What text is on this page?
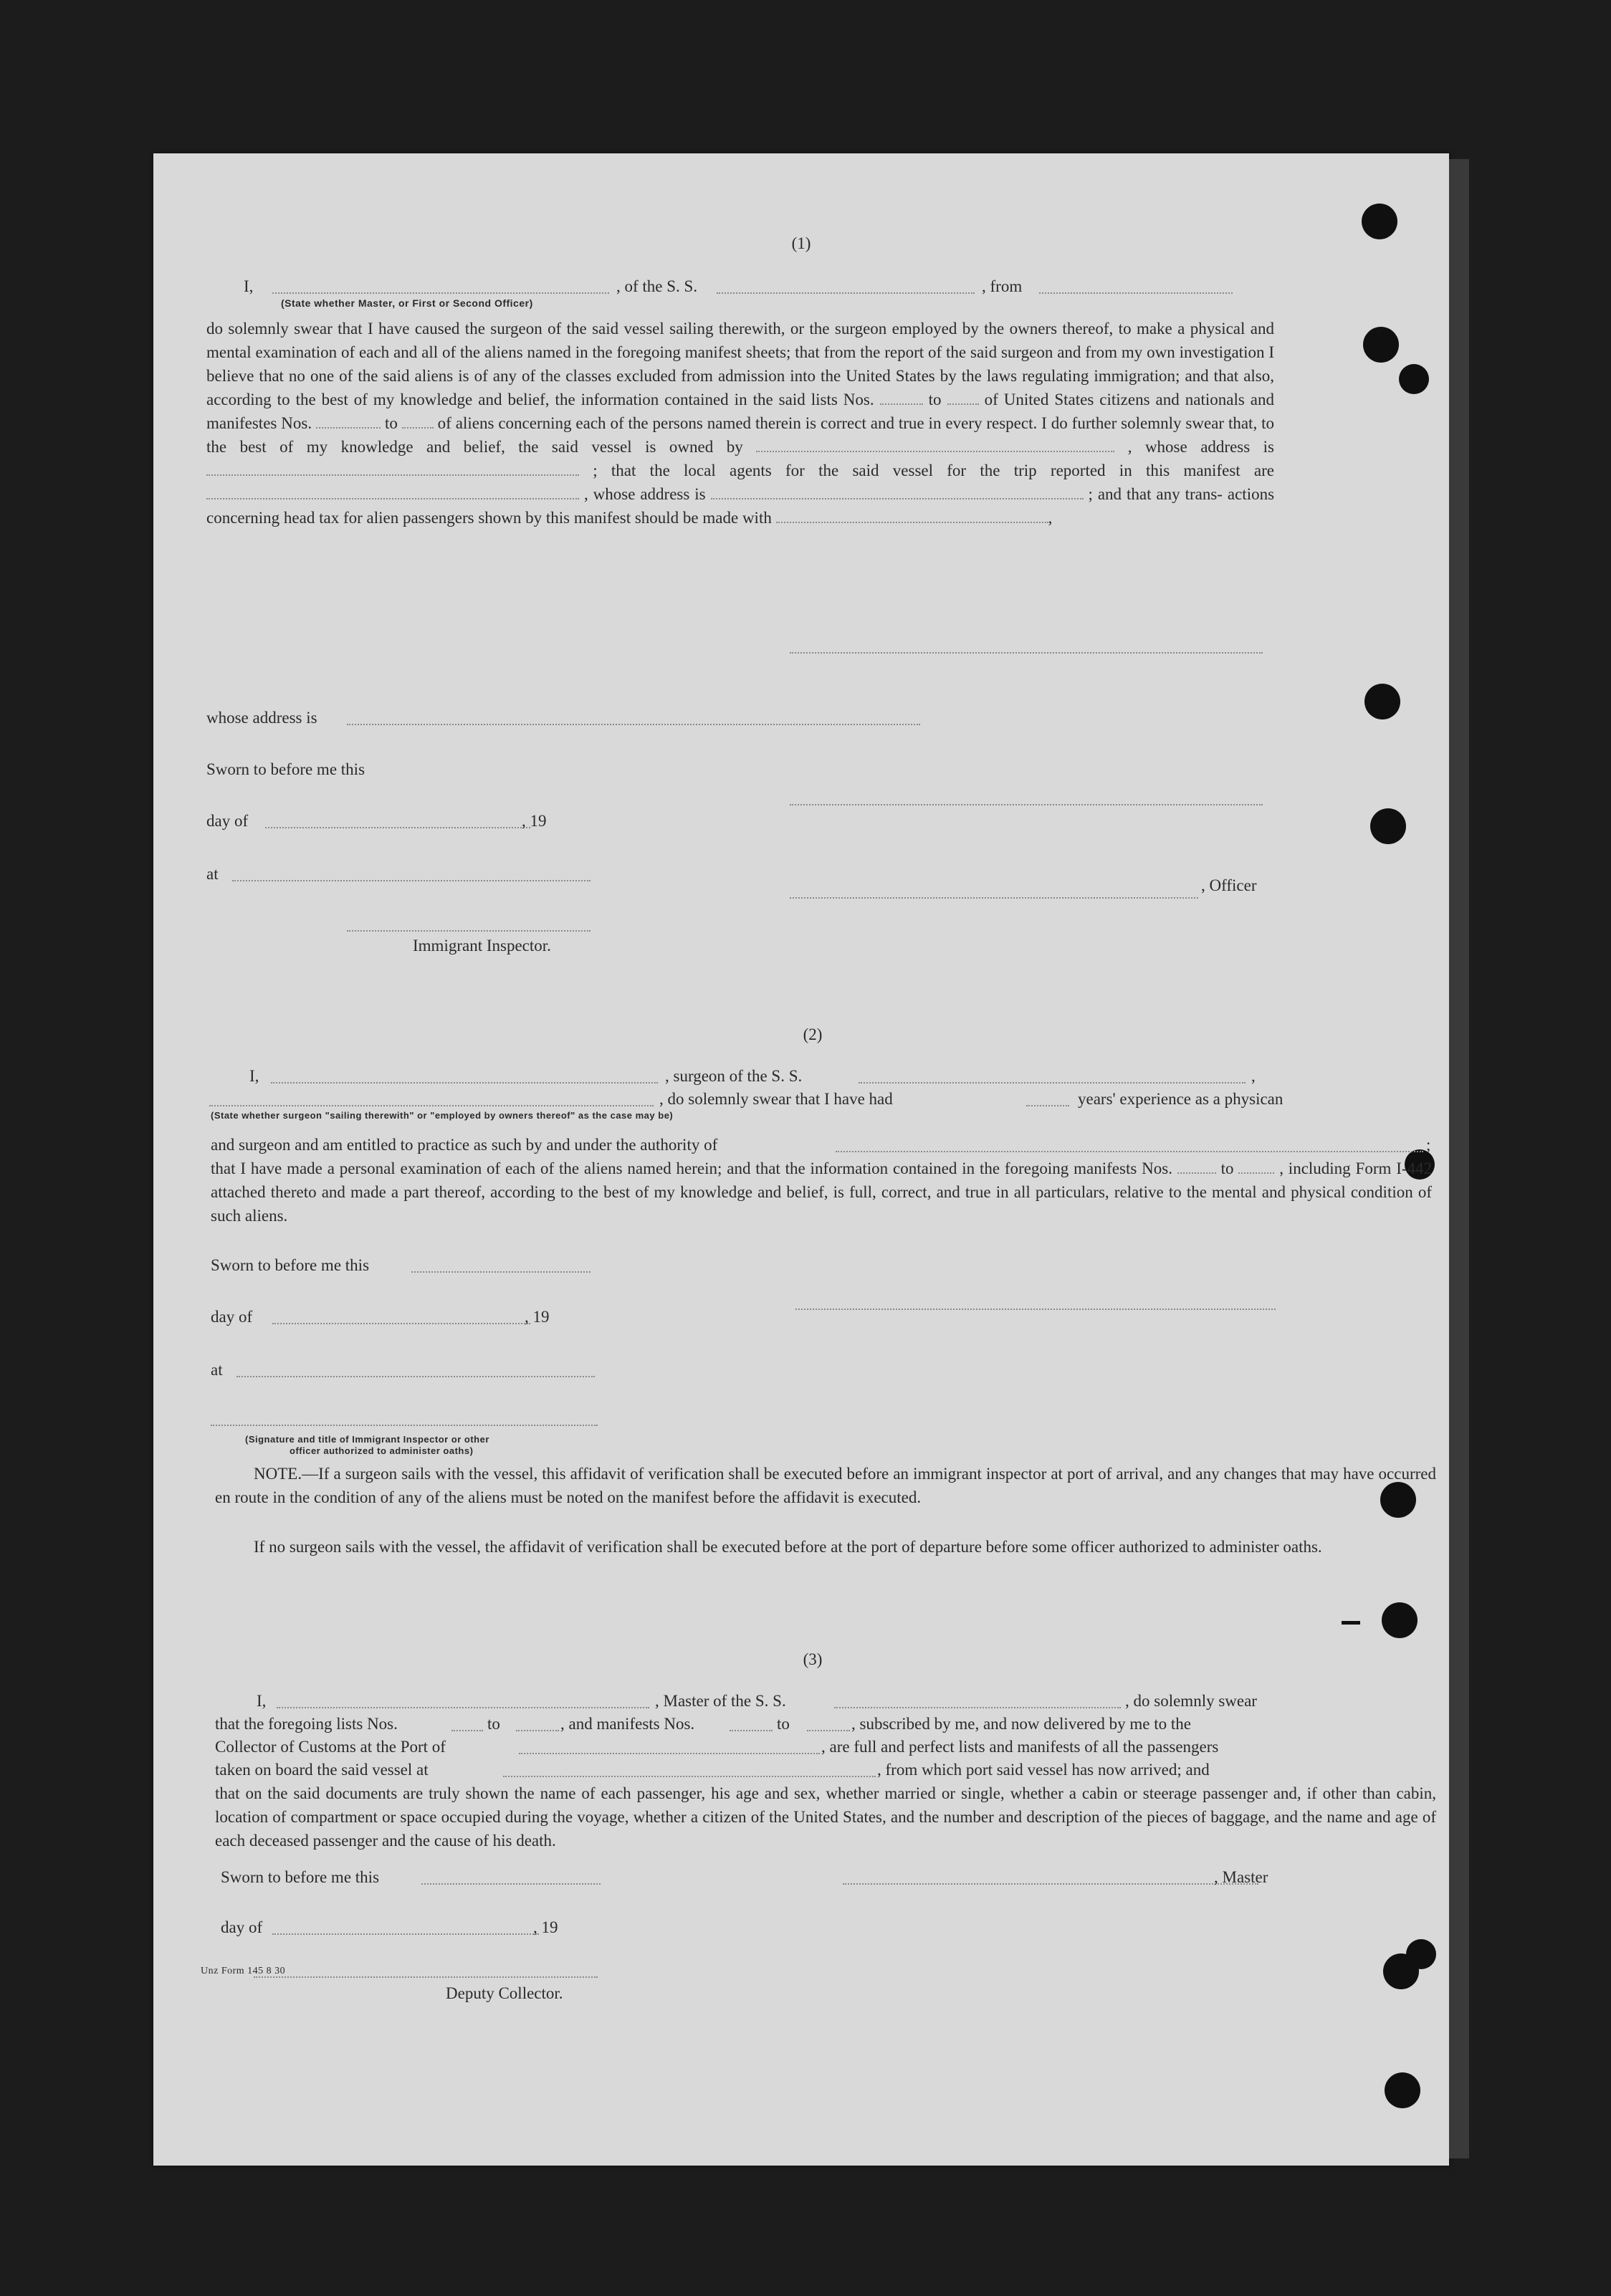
(1)
I,	, of the S. S.	, from
(State whether Master, or First or Second Officer)
do solemnly swear that I have caused the surgeon of the said vessel sailing therewith, or the surgeon employed by the owners thereof, to make a physical and mental examination of each and all of the aliens named in the foregoing manifest sheets; that from the report of the said surgeon and from my own investigation I believe that no one of the said aliens is of any of the classes excluded from admission into the United States by the laws regulating immigration; and that also, according to the best of my knowledge and belief, the information contained in the said lists Nos.	to	of United States citizens and nationals and manifestes Nos.	to of aliens concerning each of the persons named therein is correct and true in every respect. I do further solemnly swear that, to the best of my knowledge and belief, the said vessel is owned by	, whose address is  ; that the local agents for the said vessel for the trip reported in this manifest are  , whose address is	; and that any trans- actions concerning head tax for alien passengers shown by this manifest should be made with	,
whose address is
Sworn to before me this
day of	, 19
at
, Officer
Immigrant Inspector.
(2)
I,	, surgeon of the S. S.	,
, do solemnly swear that I have had	years' experience as a physican
(State whether surgeon "sailing therewith" or "employed by owners thereof" as the case may be)
and surgeon and am entitled to practice as such by and under the authority of	;
that I have made a personal examination of each of the aliens named herein; and that the information contained in the foregoing manifests Nos.	to	, including Form I-442 attached thereto and made a part thereof, according to the best of my knowledge and belief, is full, correct, and true in all particulars, relative to the mental and physical condition of such aliens.
Sworn to before me this
day of	, 19
at
(Signature and title of Immigrant Inspector or other
officer authorized to administer oaths)
NOTE.—If a surgeon sails with the vessel, this affidavit of verification shall be executed before an immigrant inspector at port of arrival, and any changes that may have occurred en route in the condition of any of the aliens must be noted on the manifest before the affidavit is executed.
If no surgeon sails with the vessel, the affidavit of verification shall be executed before at the port of departure before some officer authorized to administer oaths.
(3)
I,	, Master of the S. S.	, do solemnly swear
that the foregoing lists Nos.	to	, and manifests Nos.	to	, subscribed by me, and now delivered by me to the
Collector of Customs at the Port of	, are full and perfect lists and manifests of all the passengers
taken on board the said vessel at	, from which port said vessel has now arrived; and
that on the said documents are truly shown the name of each passenger, his age and sex, whether married or single, whether a cabin or steerage passenger and, if other than cabin, location of compartment or space occupied during the voyage, whether a citizen of the United States, and the number and description of the pieces of baggage, and the name and age of each deceased passenger and the cause of his death.
Sworn to before me this	, Master
day of	, 19
Deputy Collector.
Unz Form 145 8 30
